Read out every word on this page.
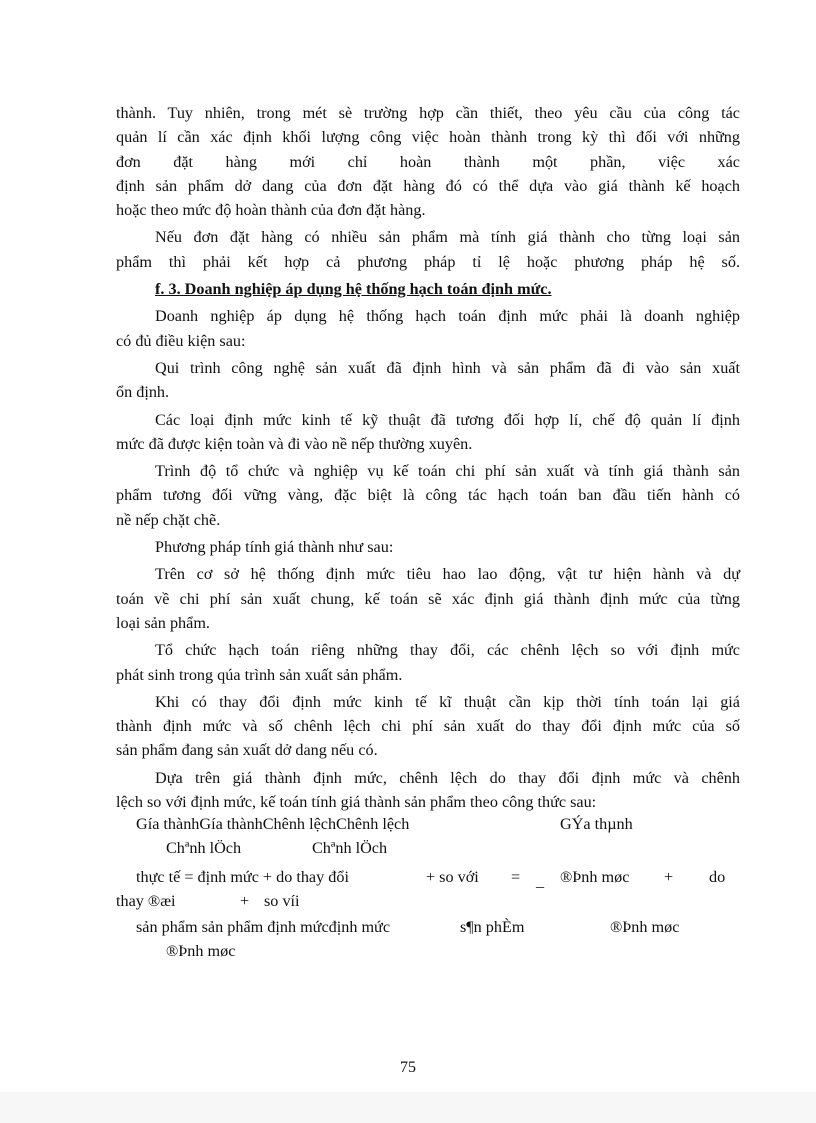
thành. Tuy nhiên, trong mét sè trường hợp cần thiết, theo yêu cầu của công tác
quản lí cần xác định khối lượng công việc hoàn thành trong kỳ thì đối với những
đơn đặt hàng mới chỉ hoàn thành một phần, việc xác
định sản phẩm dở dang của đơn đặt hàng đó có thể dựa vào giá thành kế hoạch
hoặc theo mức độ hoàn thành của đơn đặt hàng.

Nếu đơn đặt hàng có nhiều sản phẩm mà tính giá thành cho từng loại sản
phẩm thì phải kết hợp cả phương pháp tỉ lệ hoặc phương pháp hệ số.

f. 3. Doanh nghiệp áp dụng hệ thống hạch toán định mức.

Doanh nghiệp áp dụng hệ thống hạch toán định mức phải là doanh nghiệp
có đủ điều kiện sau:

Qui trình công nghệ sản xuất đã định hình và sản phẩm đã đi vào sản xuất
ổn định.

Các loại định mức kinh tế kỹ thuật đã tương đối hợp lí, chế độ quản lí định
mức đã được kiện toàn và đi vào nề nếp thường xuyên.

Trình độ tổ chức và nghiệp vụ kế toán chi phí sản xuất và tính giá thành sản
phẩm tương đối vững vàng, đặc biệt là công tác hạch toán ban đầu tiến hành có
nề nếp chặt chẽ.

Phương pháp tính giá thành như sau:

Trên cơ sở hệ thống định mức tiêu hao lao động, vật tư hiện hành và dự
toán về chi phí sản xuất chung, kế toán sẽ xác định giá thành định mức của từng
loại sản phẩm.

Tổ chức hạch toán riêng những thay đổi, các chênh lệch so với định mức
phát sinh trong qúa trình sản xuất sản phẩm.

Khi có thay đổi định mức kinh tế kĩ thuật cần kịp thời tính toán lại giá
thành định mức và số chênh lệch chi phí sản xuất do thay đổi định mức của số
sản phẩm đang sản xuất dở dang nếu có.

Dựa trên giá thành định mức, chênh lệch do thay đổi định mức và chênh
lệch so với định mức, kế toán tính giá thành sản phẩm theo công thức sau:

Gía thànhGía thànhChênh lệchChênh lệch	GÝa thµnh
Chªnh lÖch	Chªnh lÖch
thực tế = định mức + do thay đổi	+ so với = _ ®Þnh møc + do
thay ®æi	+ so víi
sản phẩm sản phẩm định mứcđịnh mức	s¶n phÈm	®Þnh møc
®Þnh møc
75
